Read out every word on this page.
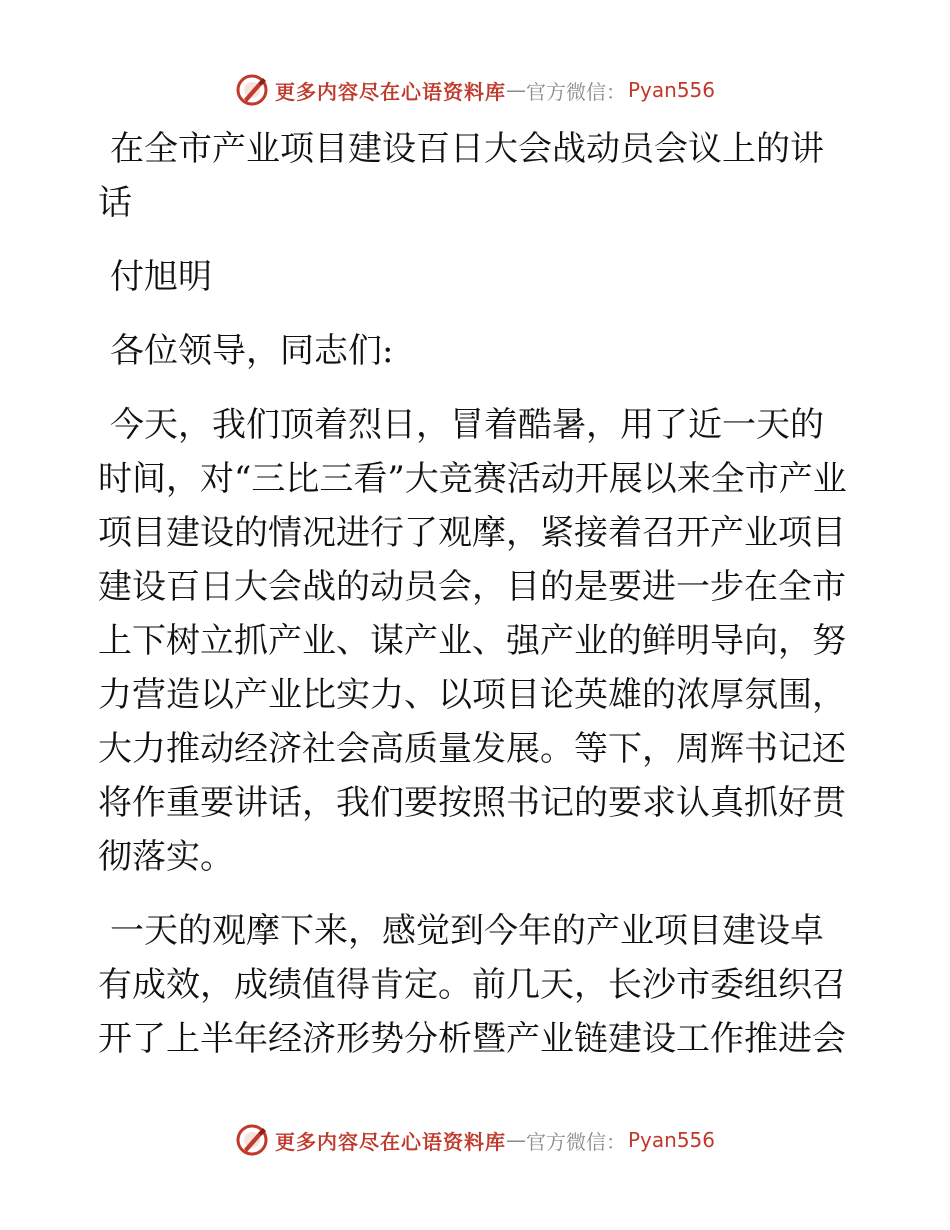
更多内容尽在心语资料库 — 官方微信： Pyan556

在全市产业项目建设百日大会战动员会议上的讲话

付旭明

各位领导，同志们:

今天，我们顶着烈日，冒着酷暑，用了近一天的时间，对“三比三看”大竞赛活动开展以来全市产业项目建设的情况进行了观摩，紧接着召开产业项目建设百日大会战的动员会，目的是要进一步在全市上下树立抓产业、谋产业、强产业的鲜明导向，努力营造以产业比实力、以项目论英雄的浓厚氛围，大力推动经济社会高质量发展。等下，周辉书记还将作重要讲话，我们要按照书记的要求认真抓好贯彻落实。

一天的观摩下来，感觉到今年的产业项目建设卓有成效，成绩值得肯定。前几天，长沙市委组织召开了上半年经济形势分析暨产业链建设工作推进会

更多内容尽在心语资料库 — 官方微信： Pyan556
